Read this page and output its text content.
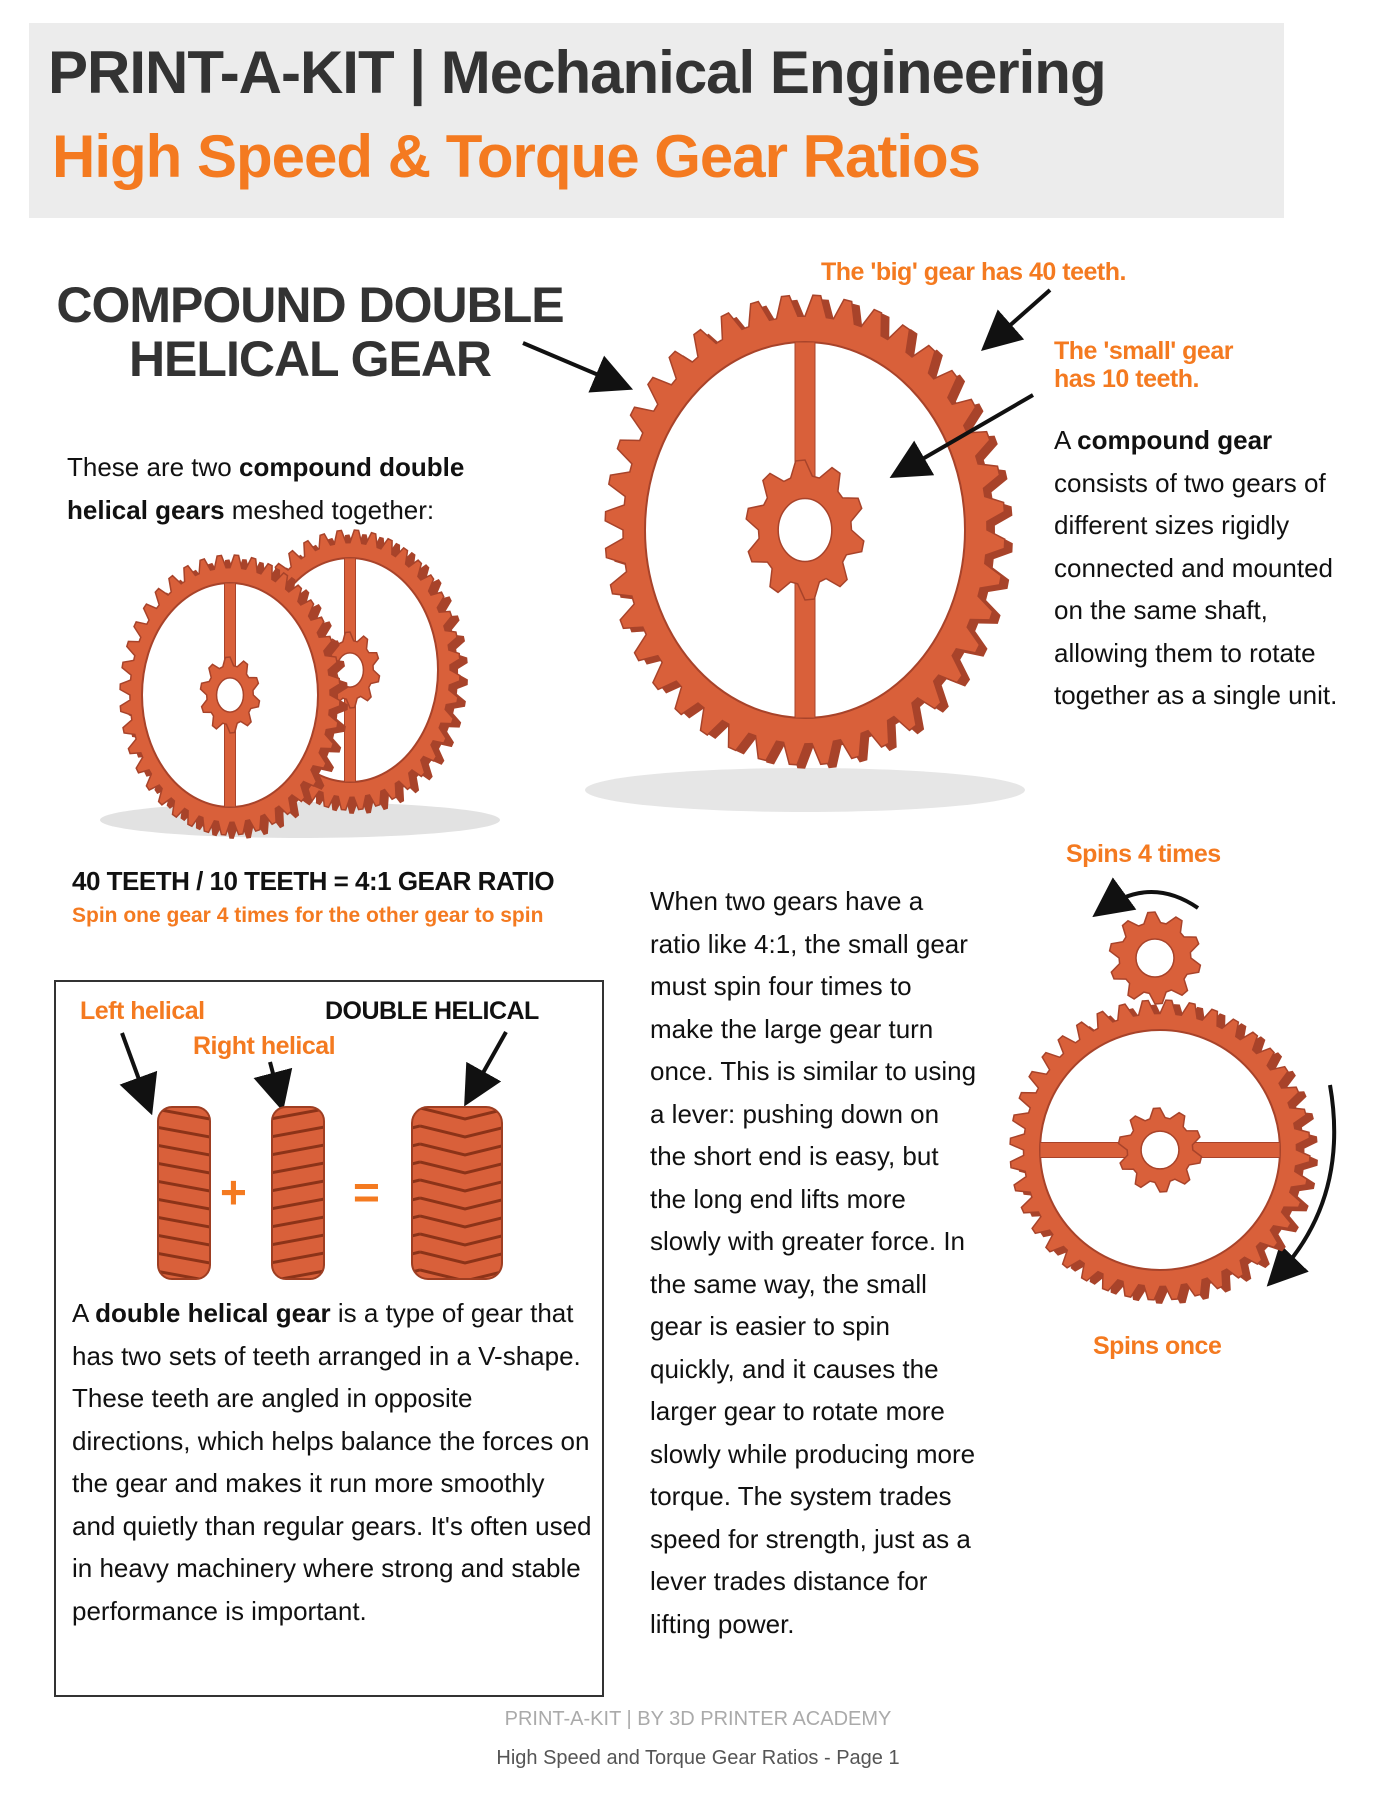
PRINT-A-KIT | Mechanical Engineering
High Speed & Torque Gear Ratios
COMPOUND DOUBLE
HELICAL GEAR
These are two compound double helical gears meshed together:
The 'big' gear has 40 teeth.
The 'small' gear
has 10 teeth.
A compound gear consists of two gears of different sizes rigidly connected and mounted on the same shaft, allowing them to rotate together as a single unit.
40 TEETH / 10 TEETH = 4:1 GEAR RATIO
Spin one gear 4 times for the other gear to spin
Left helical
Right helical
DOUBLE HELICAL
+ =
A double helical gear is a type of gear that has two sets of teeth arranged in a V-shape. These teeth are angled in opposite directions, which helps balance the forces on the gear and makes it run more smoothly and quietly than regular gears. It's often used in heavy machinery where strong and stable performance is important.
When two gears have a ratio like 4:1, the small gear must spin four times to make the large gear turn once. This is similar to using a lever: pushing down on the short end is easy, but the long end lifts more slowly with greater force. In the same way, the small gear is easier to spin quickly, and it causes the larger gear to rotate more slowly while producing more torque. The system trades speed for strength, just as a lever trades distance for lifting power.
Spins 4 times
Spins once
PRINT-A-KIT | BY 3D PRINTER ACADEMY
High Speed and Torque Gear Ratios - Page 1
